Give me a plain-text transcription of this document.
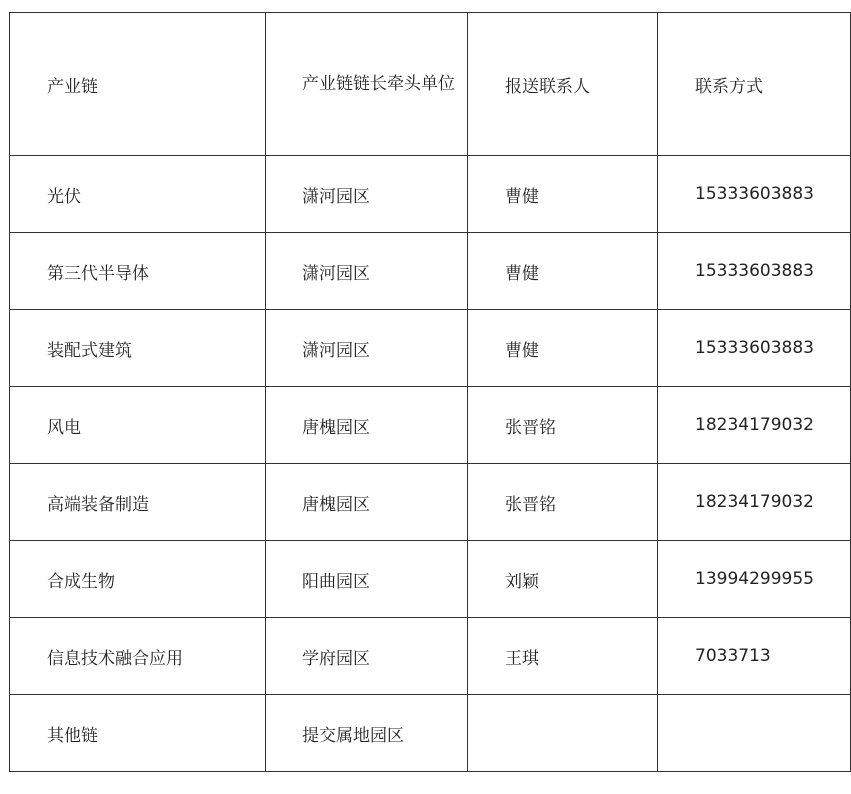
产业链	产业链链长牵头单位	报送联系人	联系方式
光伏	潇河园区	曹健	15333603883
第三代半导体	潇河园区	曹健	15333603883
装配式建筑	潇河园区	曹健	15333603883
风电	唐槐园区	张晋铭	18234179032
高端装备制造	唐槐园区	张晋铭	18234179032
合成生物	阳曲园区	刘颖	13994299955
信息技术融合应用	学府园区	王琪	7033713
其他链	提交属地园区		
